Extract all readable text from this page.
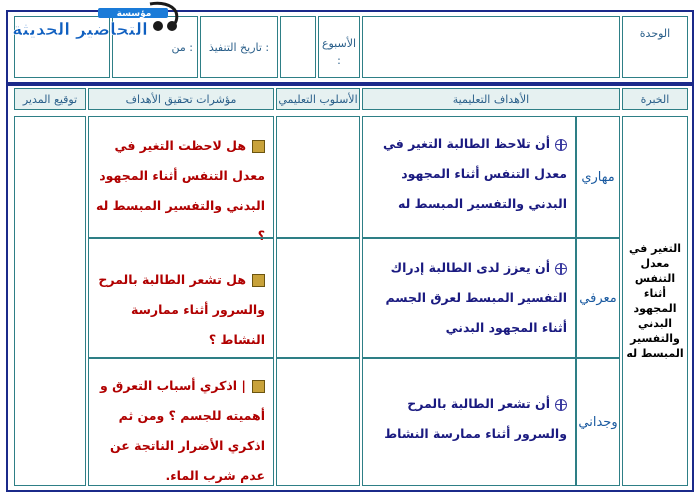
الوحدة
الأسبوع
:
تاريخ التنفيذ :
من :
مؤسسة
التحاضير الحديثة
الخبرة
الأهداف التعليمية
الأسلوب التعليمي
مؤشرات تحقيق الأهداف
توقيع المدير
التغير في معدل التنفس أثناء المجهود البدني والتفسير المبسط له
مهاري
معرفي
وجداني
أن تلاحظ الطالبة التغير في معدل التنفس أثناء المجهود البدني والتفسير المبسط له
أن يعزز لدى الطالبة إدراك التفسير المبسط لعرق الجسم أثناء المجهود البدني
أن تشعر الطالبة بالمرح والسرور أثناء ممارسة النشاط
هل لاحظت التغير في معدل التنفس أثناء المجهود البدني والتفسير المبسط له ؟
هل تشعر الطالبة بالمرح والسرور أثناء ممارسة النشاط ؟
| اذكري أسباب التعرق و أهميته للجسم ؟ ومن ثم اذكري الأضرار الناتجة عن عدم شرب الماء.
